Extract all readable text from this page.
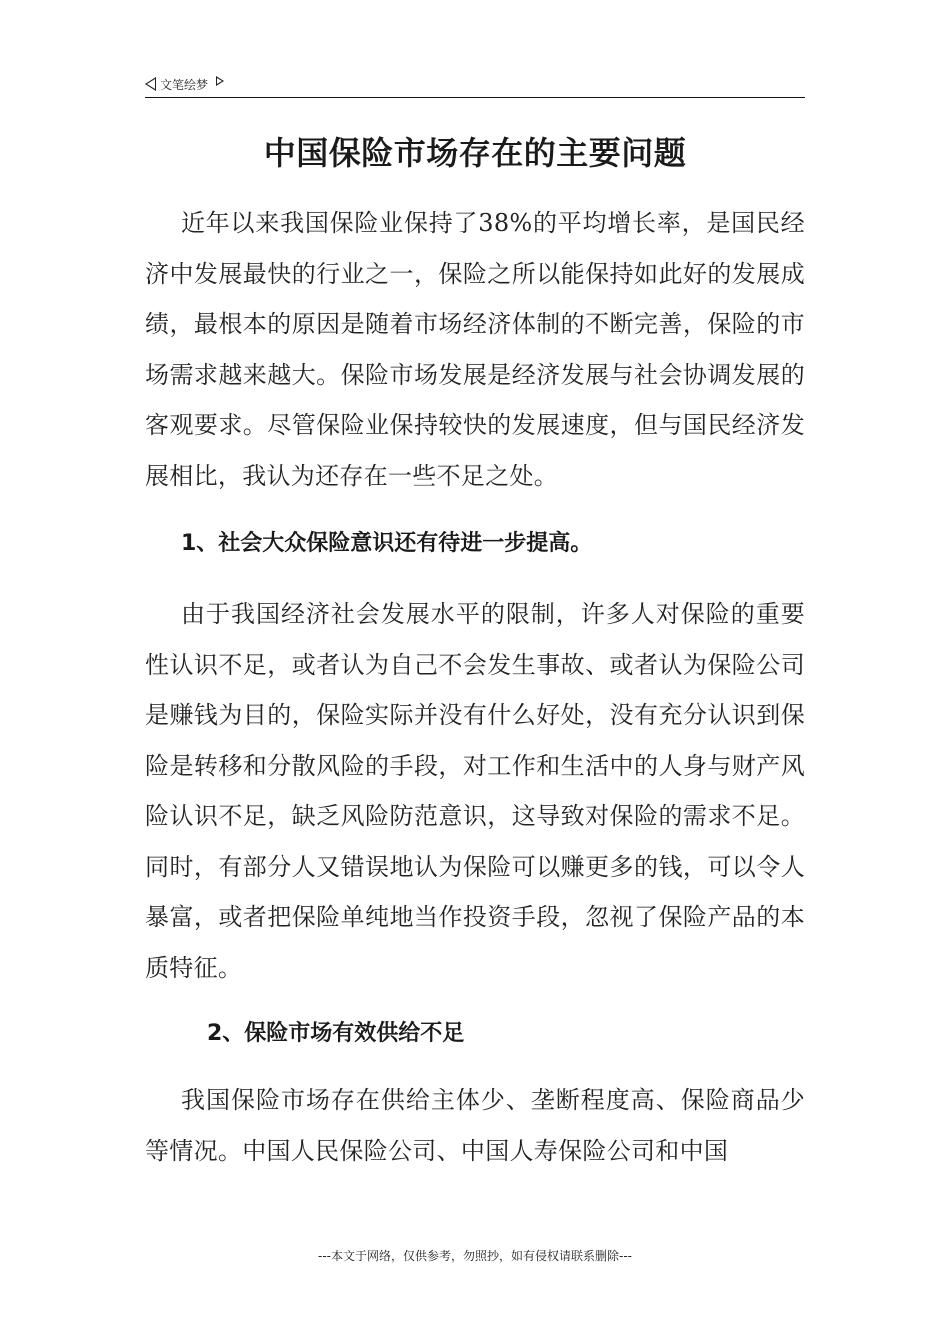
文笔绘梦
中国保险市场存在的主要问题

近年以来我国保险业保持了38%的平均增长率，是国民经济中发展最快的行业之一，保险之所以能保持如此好的发展成绩，最根本的原因是随着市场经济体制的不断完善，保险的市场需求越来越大。保险市场发展是经济发展与社会协调发展的客观要求。尽管保险业保持较快的发展速度，但与国民经济发展相比，我认为还存在一些不足之处。

1、社会大众保险意识还有待进一步提高。

由于我国经济社会发展水平的限制，许多人对保险的重要性认识不足，或者认为自己不会发生事故、或者认为保险公司是赚钱为目的，保险实际并没有什么好处，没有充分认识到保险是转移和分散风险的手段，对工作和生活中的人身与财产风险认识不足，缺乏风险防范意识，这导致对保险的需求不足。同时，有部分人又错误地认为保险可以赚更多的钱，可以令人暴富，或者把保险单纯地当作投资手段，忽视了保险产品的本质特征。

2、保险市场有效供给不足

我国保险市场存在供给主体少、垄断程度高、保险商品少等情况。中国人民保险公司、中国人寿保险公司和中国

---本文于网络，仅供参考，勿照抄，如有侵权请联系删除---
